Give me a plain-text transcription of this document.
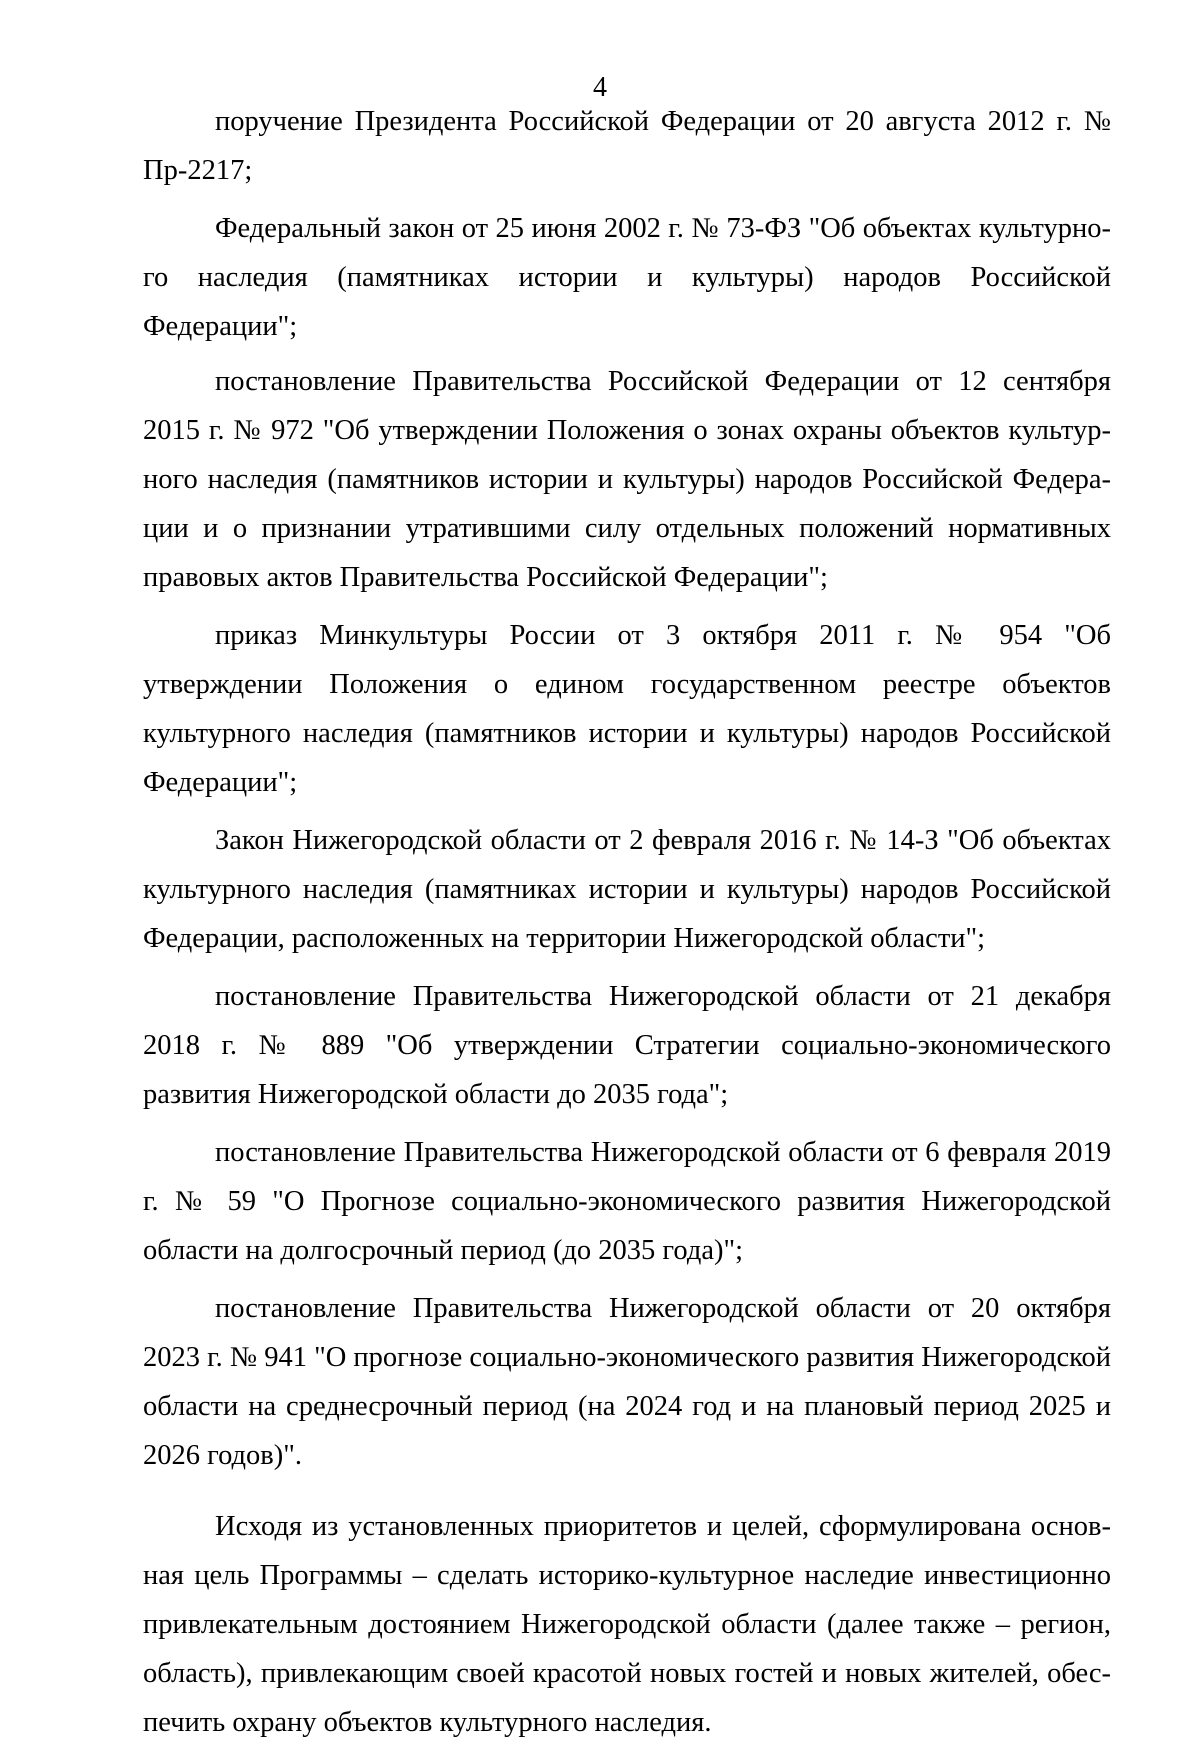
4

поручение Президента Российской Федерации от 20 августа 2012 г. № Пр-2217;

Федеральный закон от 25 июня 2002 г. № 73-ФЗ "Об объектах культурного наследия (памятниках истории и культуры) народов Российской Федерации";

постановление Правительства Российской Федерации от 12 сентября 2015 г. № 972 "Об утверждении Положения о зонах охраны объектов культурного наследия (памятников истории и культуры) народов Российской Федерации и о признании утратившими силу отдельных положений нормативных правовых актов Правительства Российской Федерации";

приказ Минкультуры России от 3 октября 2011 г. № 954 "Об утверждении Положения о едином государственном реестре объектов культурного наследия (памятников истории и культуры) народов Российской Федерации";

Закон Нижегородской области от 2 февраля 2016 г. № 14-З "Об объектах культурного наследия (памятниках истории и культуры) народов Российской Федерации, расположенных на территории Нижегородской области";

постановление Правительства Нижегородской области от 21 декабря 2018 г. № 889 "Об утверждении Стратегии социально-экономического развития Нижегородской области до 2035 года";

постановление Правительства Нижегородской области от 6 февраля 2019 г. № 59 "О Прогнозе социально-экономического развития Нижегородской области на долгосрочный период (до 2035 года)";

постановление Правительства Нижегородской области от 20 октября 2023 г. № 941 "О прогнозе социально-экономического развития Нижегородской области на среднесрочный период (на 2024 год и на плановый период 2025 и 2026 годов)".

Исходя из установленных приоритетов и целей, сформулирована основная цель Программы – сделать историко-культурное наследие инвестиционно привлекательным достоянием Нижегородской области (далее также – регион, область), привлекающим своей красотой новых гостей и новых жителей, обеспечить охрану объектов культурного наследия.
